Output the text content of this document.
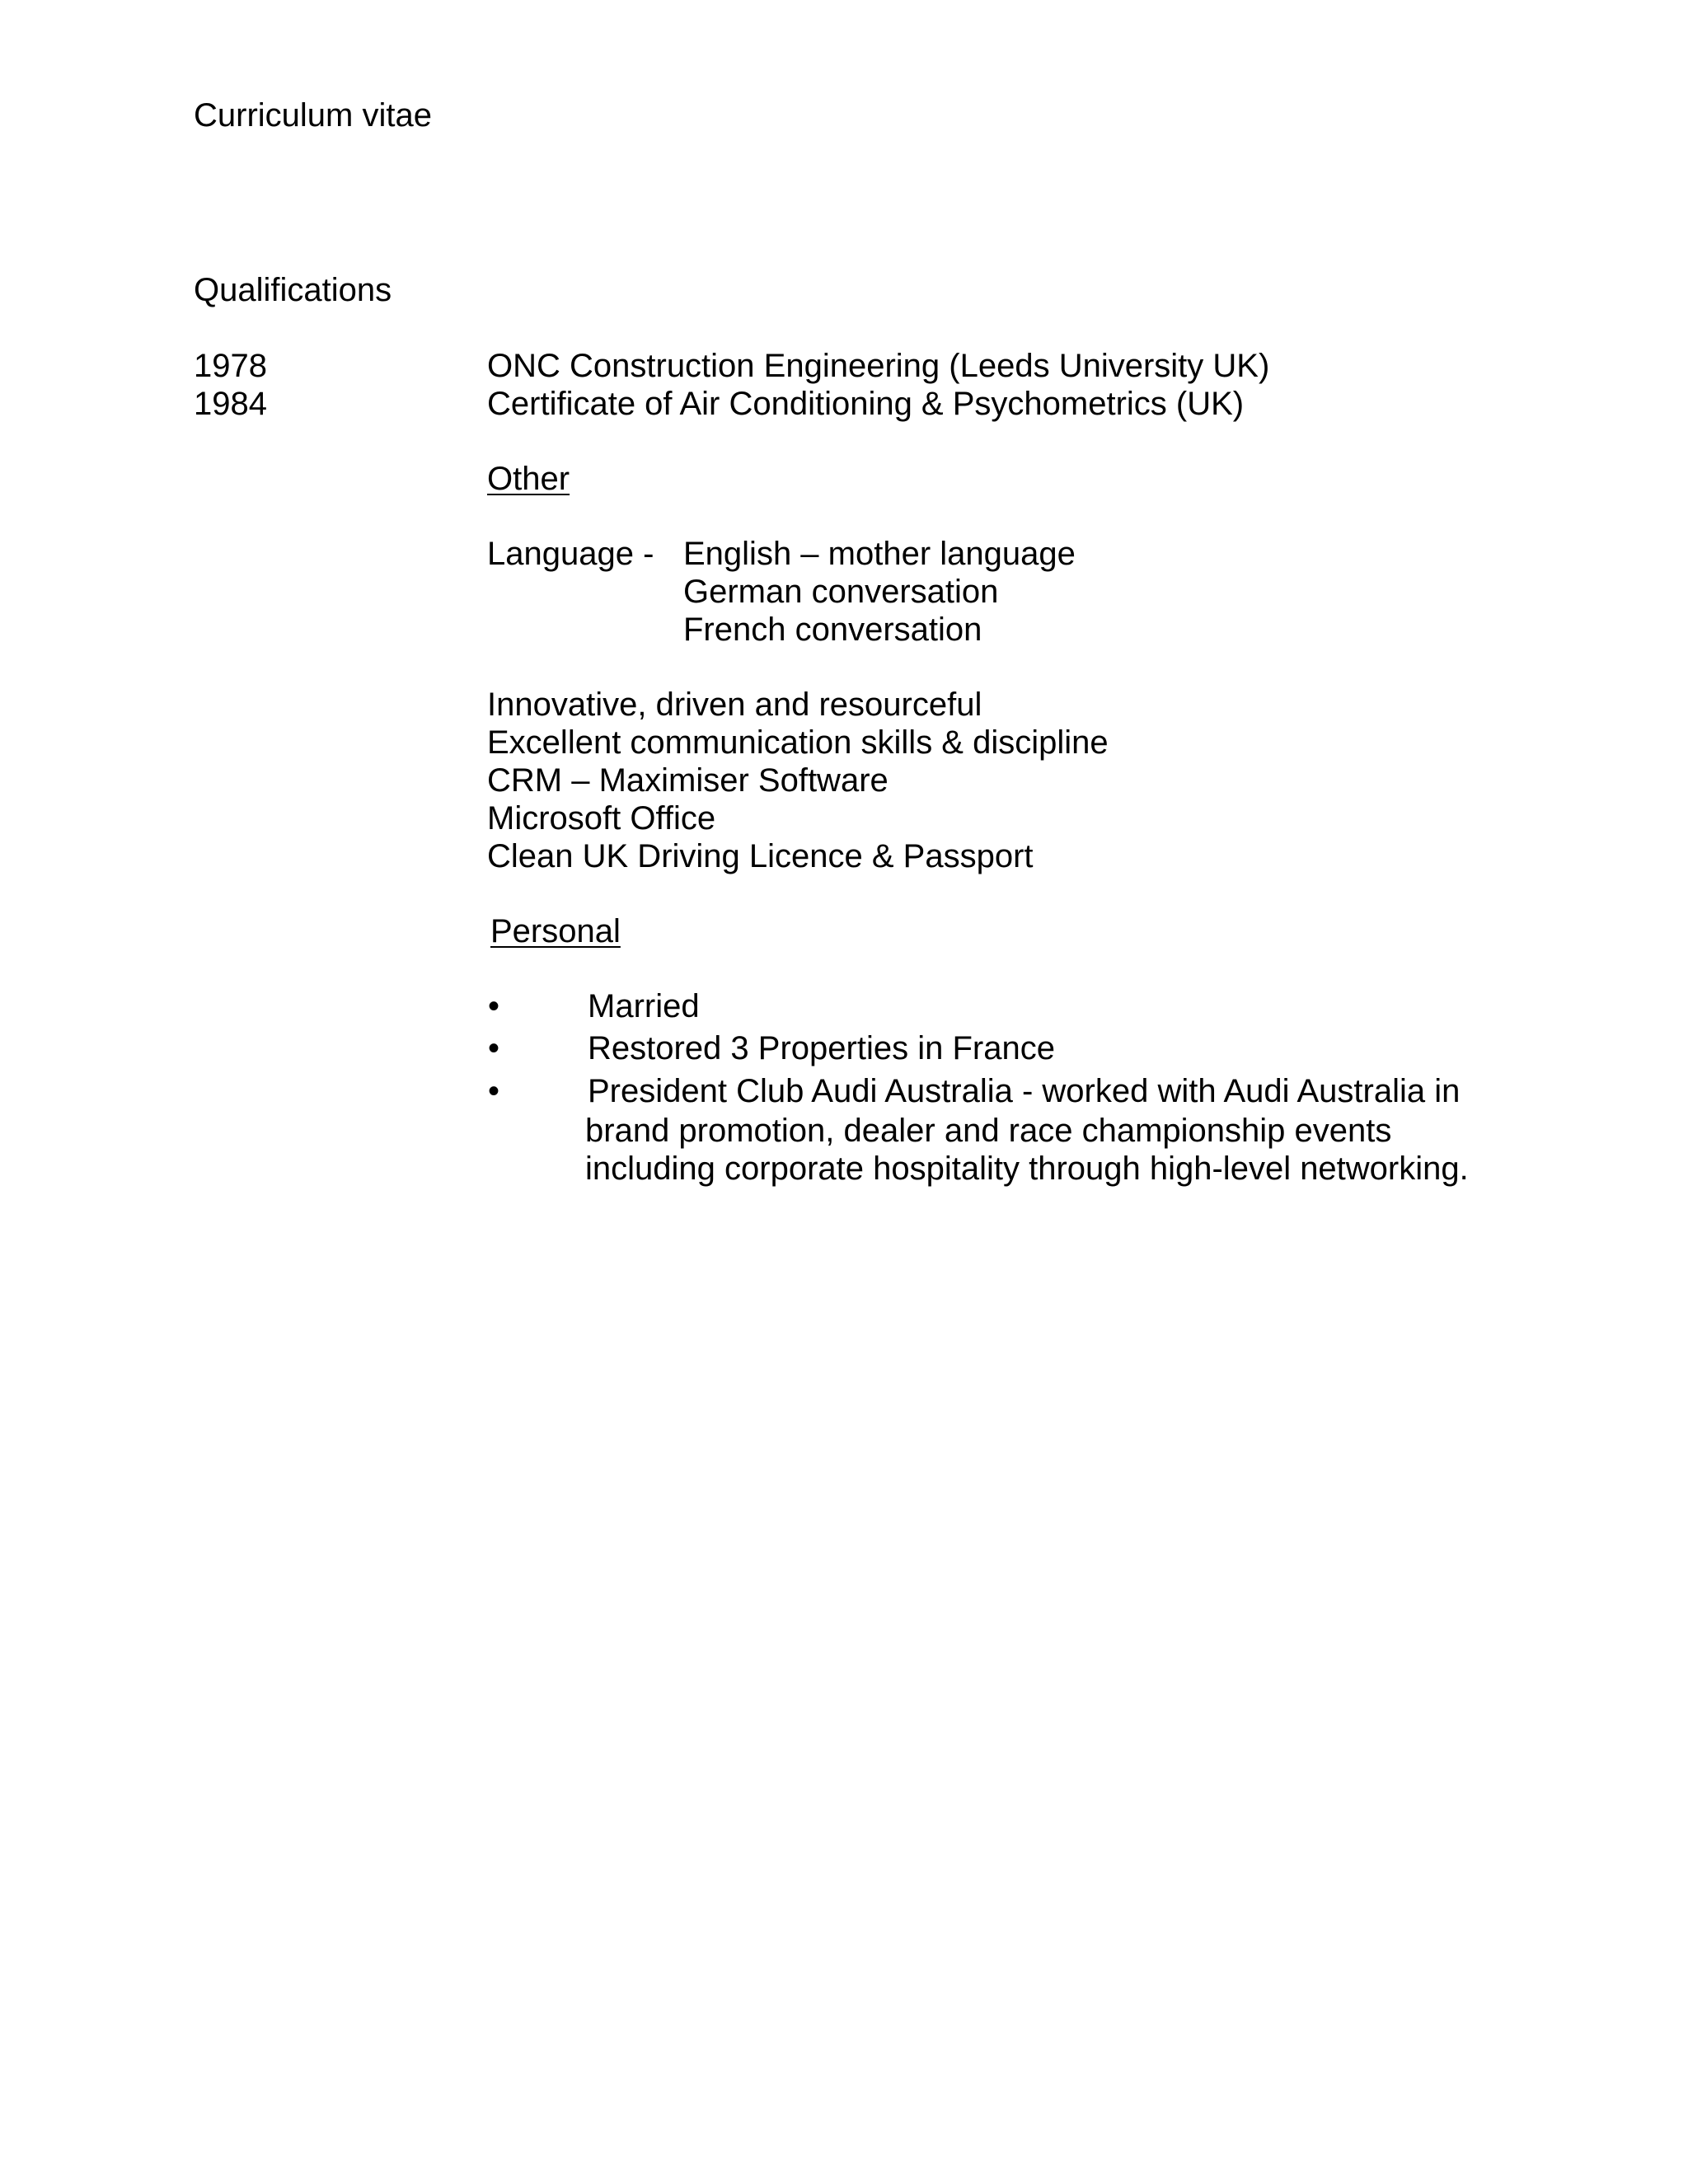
Curriculum vitae

Qualifications

1978	ONC Construction Engineering (Leeds University UK)

1984	Certificate of Air Conditioning & Psychometrics (UK)

Other

Language - English – mother language

German conversation

French conversation

Innovative, driven and resourceful

Excellent communication skills & discipline

CRM – Maximiser Software

Microsoft Office

Clean UK Driving Licence & Passport

Personal

•	Married

•	Restored 3 Properties in France

•	President Club Audi Australia - worked with Audi Australia in

brand promotion, dealer and race championship events

including corporate hospitality through high-level networking.
